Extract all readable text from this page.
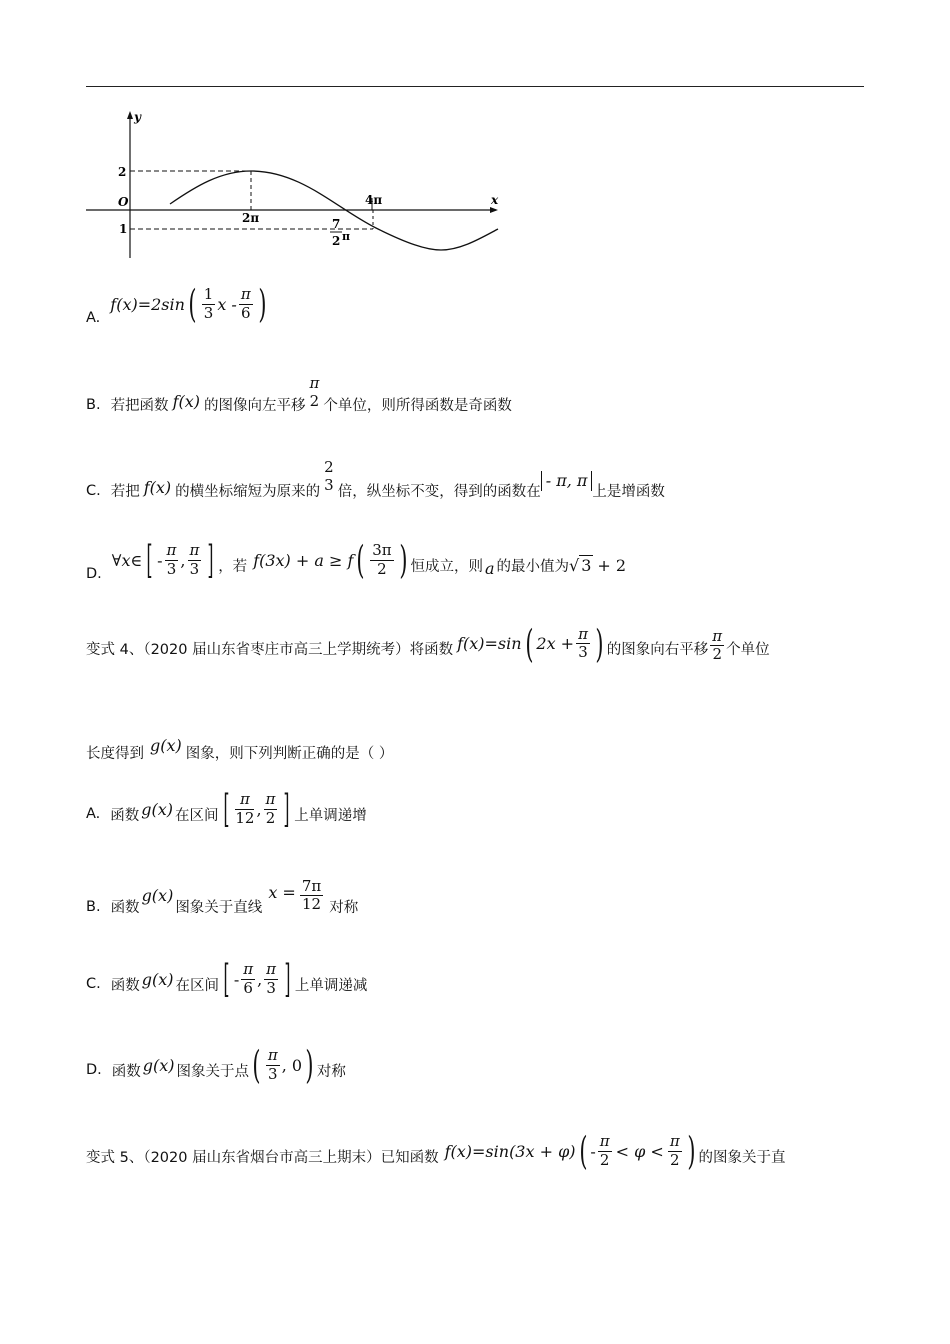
y
x
O
2
1
2π
4π
7
2 π
A.
f(x)=2sin ( $\frac{1}{3}$ x - $\frac{\pi}{6}$ )
B. 若把函数 f(x) 的图像向左平移
π
2 个单位，则所得函数是奇函数
C. 若把 f(x) 的横坐标缩短为原来的
2
3 倍，纵坐标不变，得到的函数在
- π, π
上是增函数
D.
∀x∈ [ - $\frac{\pi}{3}$ , $\frac{\pi}{3}$ ] ，若 f(3x) + a ≥ f ( $\frac{3\pi}{2}$ ) 恒成立，则 a 的最小值为 √ 3 + 2
变式 4、（2020 届山东省枣庄市高三上学期统考）将函数 f(x)=sin ( $2x + \frac{\pi}{3}$ ) 的图象向右平移 $\frac{\pi}{2}$ 个单位
长度得到 g(x) 图象，则下列判断正确的是（ ）
A. 函数 g(x) 在区间 [ $\frac{\pi}{12}$ , $\frac{\pi}{2}$ ] 上单调递增
B. 函数
g(x)
图象关于直线
$x = \frac{7\pi}{12}$ 对称
C. 函数 g(x) 在区间 [ - $\frac{\pi}{6}$ , $\frac{\pi}{3}$ ] 上单调递减
D. 函数 g(x) 图象关于点 ( $\frac{\pi}{3}$ , 0 ) 对称
变式 5、（2020 届山东省烟台市高三上期末）已知函数 f(x)=sin(3x + φ) ( - $\frac{\pi}{2} < \varphi < \frac{\pi}{2}$ ) 的图象关于直
